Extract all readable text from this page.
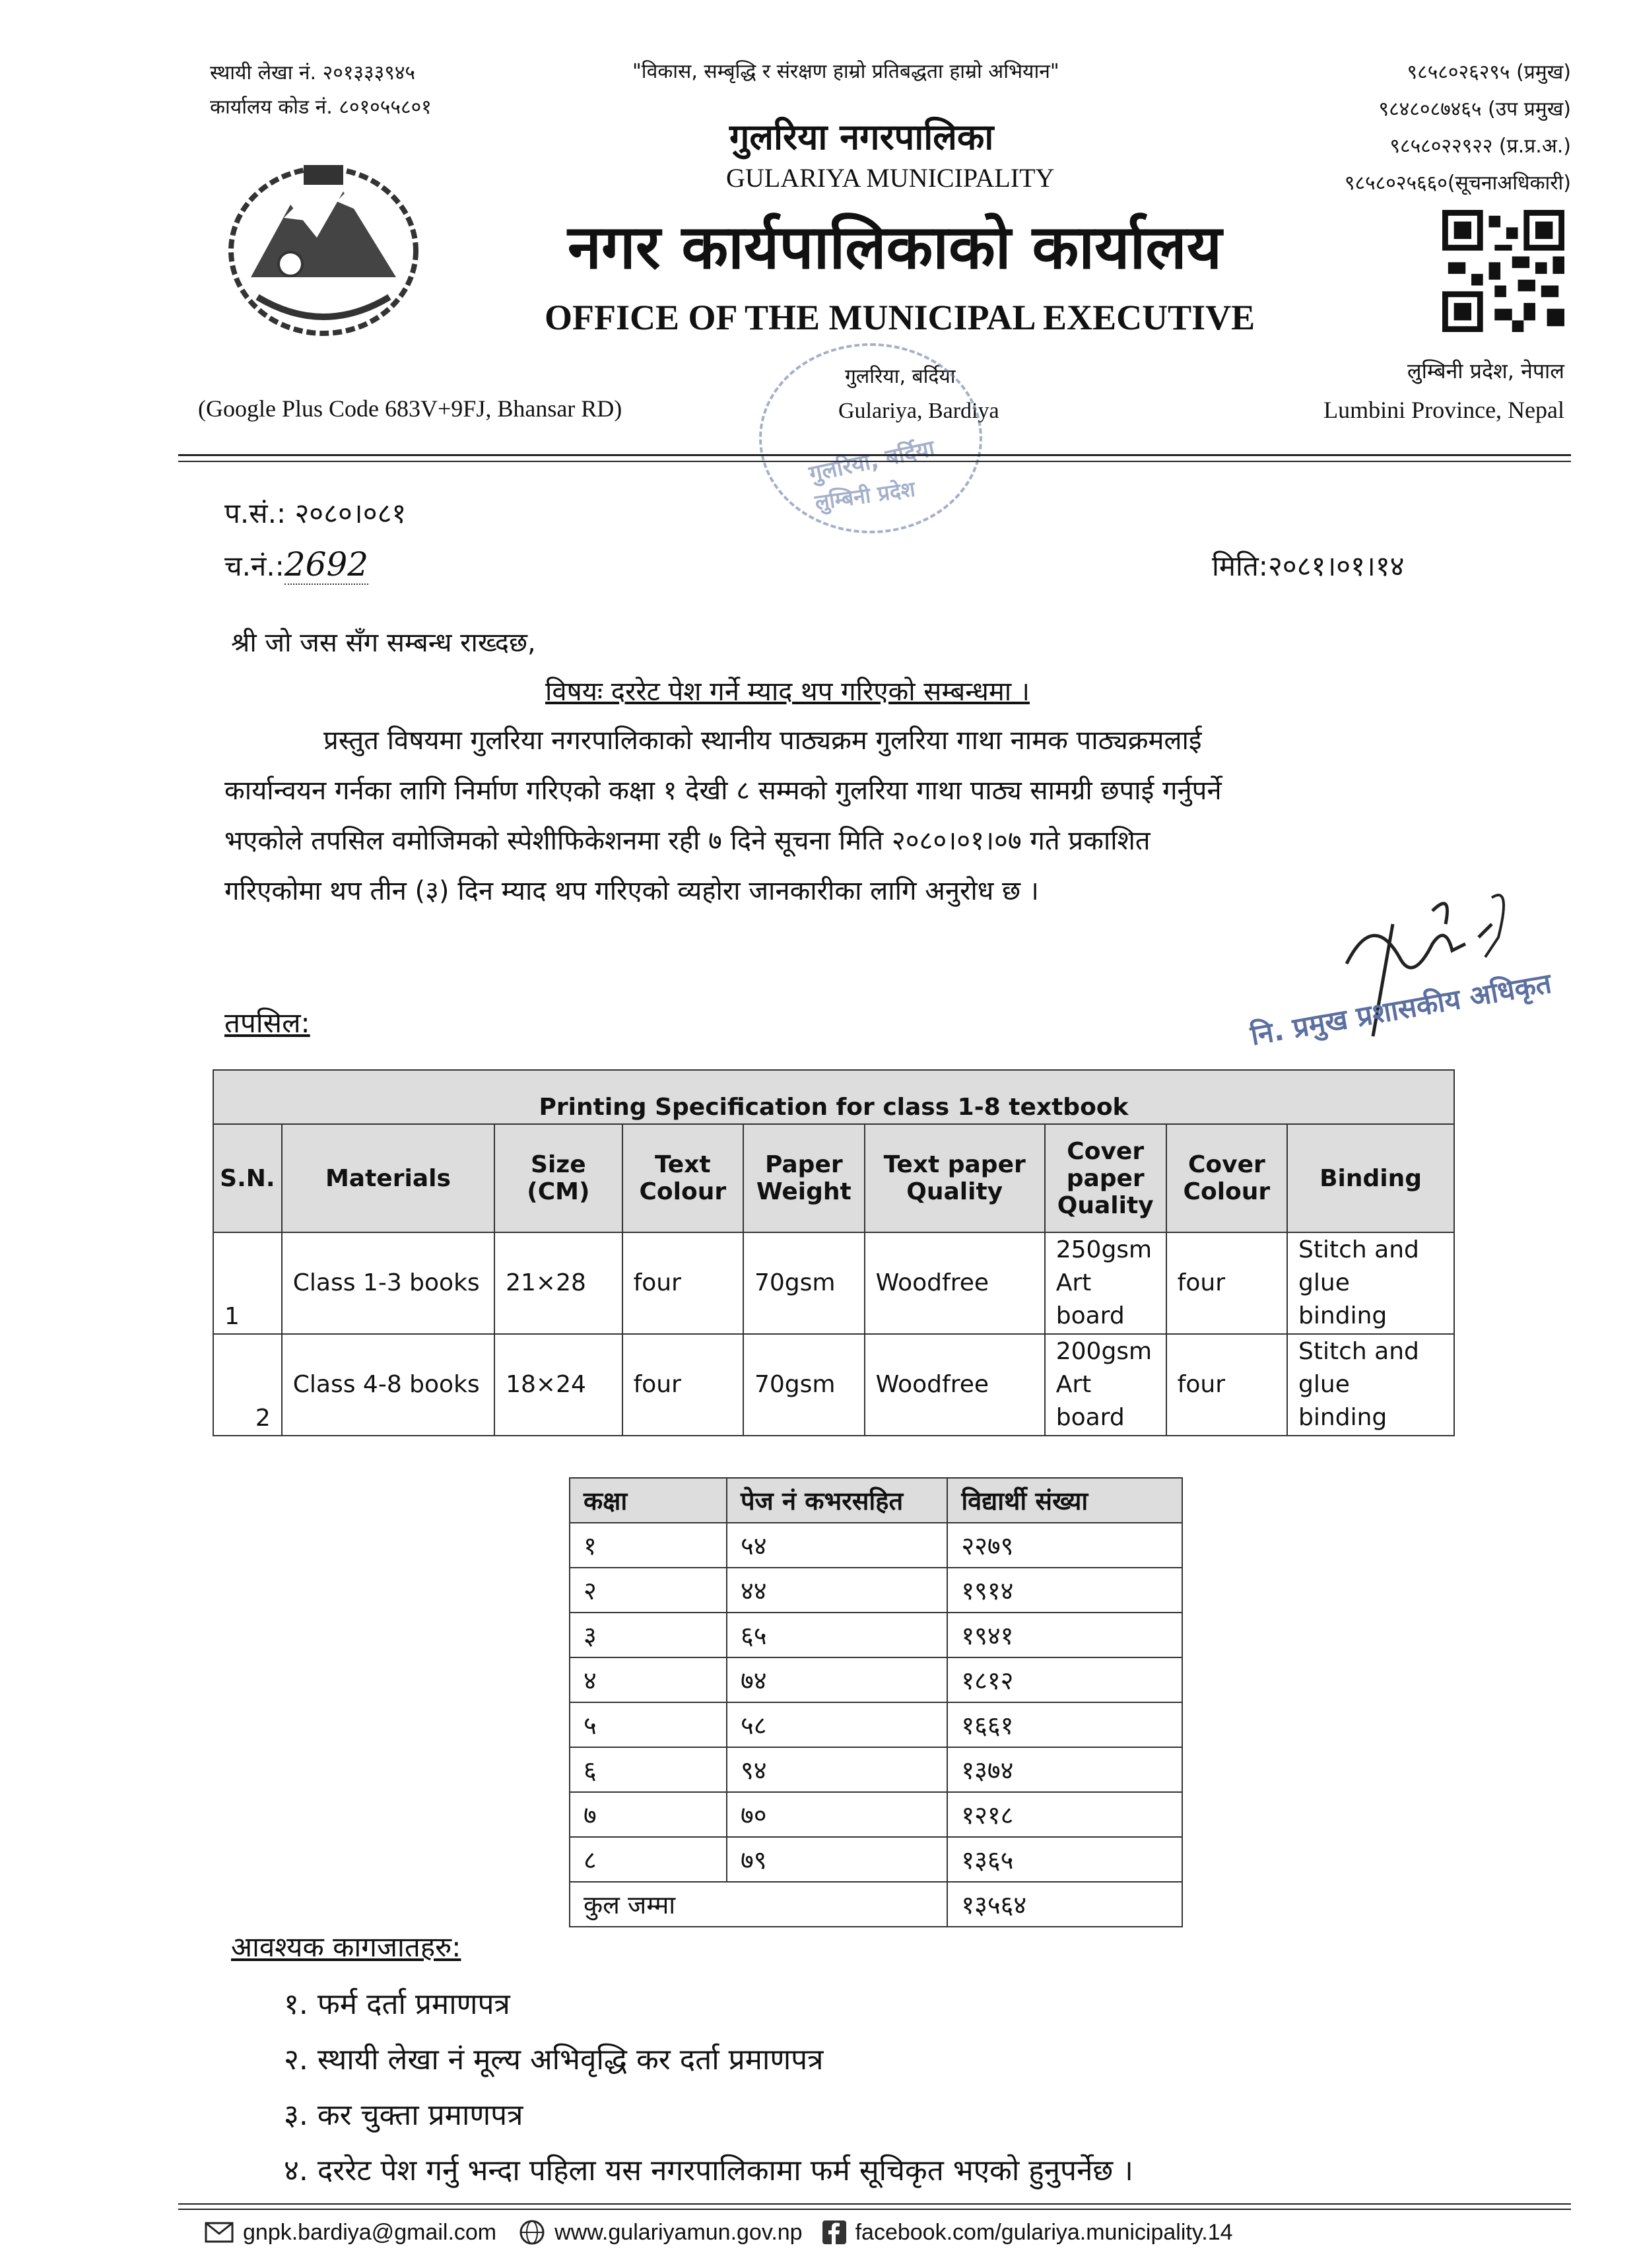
स्थायी लेखा नं. २०१३३३९४५
कार्यालय कोड नं. ८०१०५५८०१
"विकास, सम्बृद्धि र संरक्षण हाम्रो प्रतिबद्धता हाम्रो अभियान"
गुलरिया नगरपालिका
GULARIYA MUNICIPALITY
नगर कार्यपालिकाको कार्यालय
OFFICE OF THE MUNICIPAL EXECUTIVE
९८५८०२६२९५ (प्रमुख)
९८४८०८७४६५ (उप प्रमुख)
९८५८०२२९२२ (प्र.प्र.अ.)
९८५८०२५६६०(सूचनाअधिकारी)
लुम्बिनी प्रदेश, नेपाल
Lumbini Province, Nepal
(Google Plus Code 683V+9FJ, Bhansar RD)
गुलरिया, बर्दिया
Gulariya, Bardiya
लुम्बिनी प्रदेश
प.सं.: २०८०।०८१
च.नं.:2692	मिति:२०८१।०१।१४
श्री जो जस सँग सम्बन्ध राख्दछ,
विषयः दररेट पेश गर्ने म्याद थप गरिएको सम्बन्धमा ।
प्रस्तुत विषयमा गुलरिया नगरपालिकाको स्थानीय पाठ्यक्रम गुलरिया गाथा नामक पाठ्यक्रमलाई
कार्यान्वयन गर्नका लागि निर्माण गरिएको कक्षा १ देखी ८ सम्मको गुलरिया गाथा पाठ्य सामग्री छपाई गर्नुपर्ने
भएकोले तपसिल वमोजिमको स्पेशीफिकेशनमा रही ७ दिने सूचना मिति २०८०।०१।०७ गते प्रकाशित
गरिएकोमा थप तीन (३) दिन म्याद थप गरिएको व्यहोरा जानकारीका लागि अनुरोध छ ।
नि. प्रमुख प्रशासकीय अधिकृत
तपसिल:
Printing Specification for class 1-8 textbook								
S.N.	Materials	Size (CM)	Text Colour	Paper Weight	Text paper Quality	Cover paper Quality	Cover Colour	Binding
1	Class 1-3 books	21×28	four	70gsm	Woodfree	250gsm Art board	four	Stitch and glue binding
2	Class 4-8 books	18×24	four	70gsm	Woodfree	200gsm Art board	four	Stitch and glue binding
कक्षा	पेज नं कभरसहित	विद्यार्थी संख्या
१	५४	२२७९
२	४४	१९१४
३	६५	१९४१
४	७४	१८१२
५	५८	१६६१
६	९४	१३७४
७	७०	१२१८
८	७९	१३६५
कुल जम्मा		१३५६४
आवश्यक कागजातहरु:
१. फर्म दर्ता प्रमाणपत्र
२. स्थायी लेखा नं मूल्य अभिवृद्धि कर दर्ता प्रमाणपत्र
३. कर चुक्ता प्रमाणपत्र
४. दररेट पेश गर्नु भन्दा पहिला यस नगरपालिकामा फर्म सूचिकृत भएको हुनुपर्नेछ ।
gnpk.bardiya@gmail.com	www.gulariyamun.gov.np facebook.com/gulariya.municipality.14
